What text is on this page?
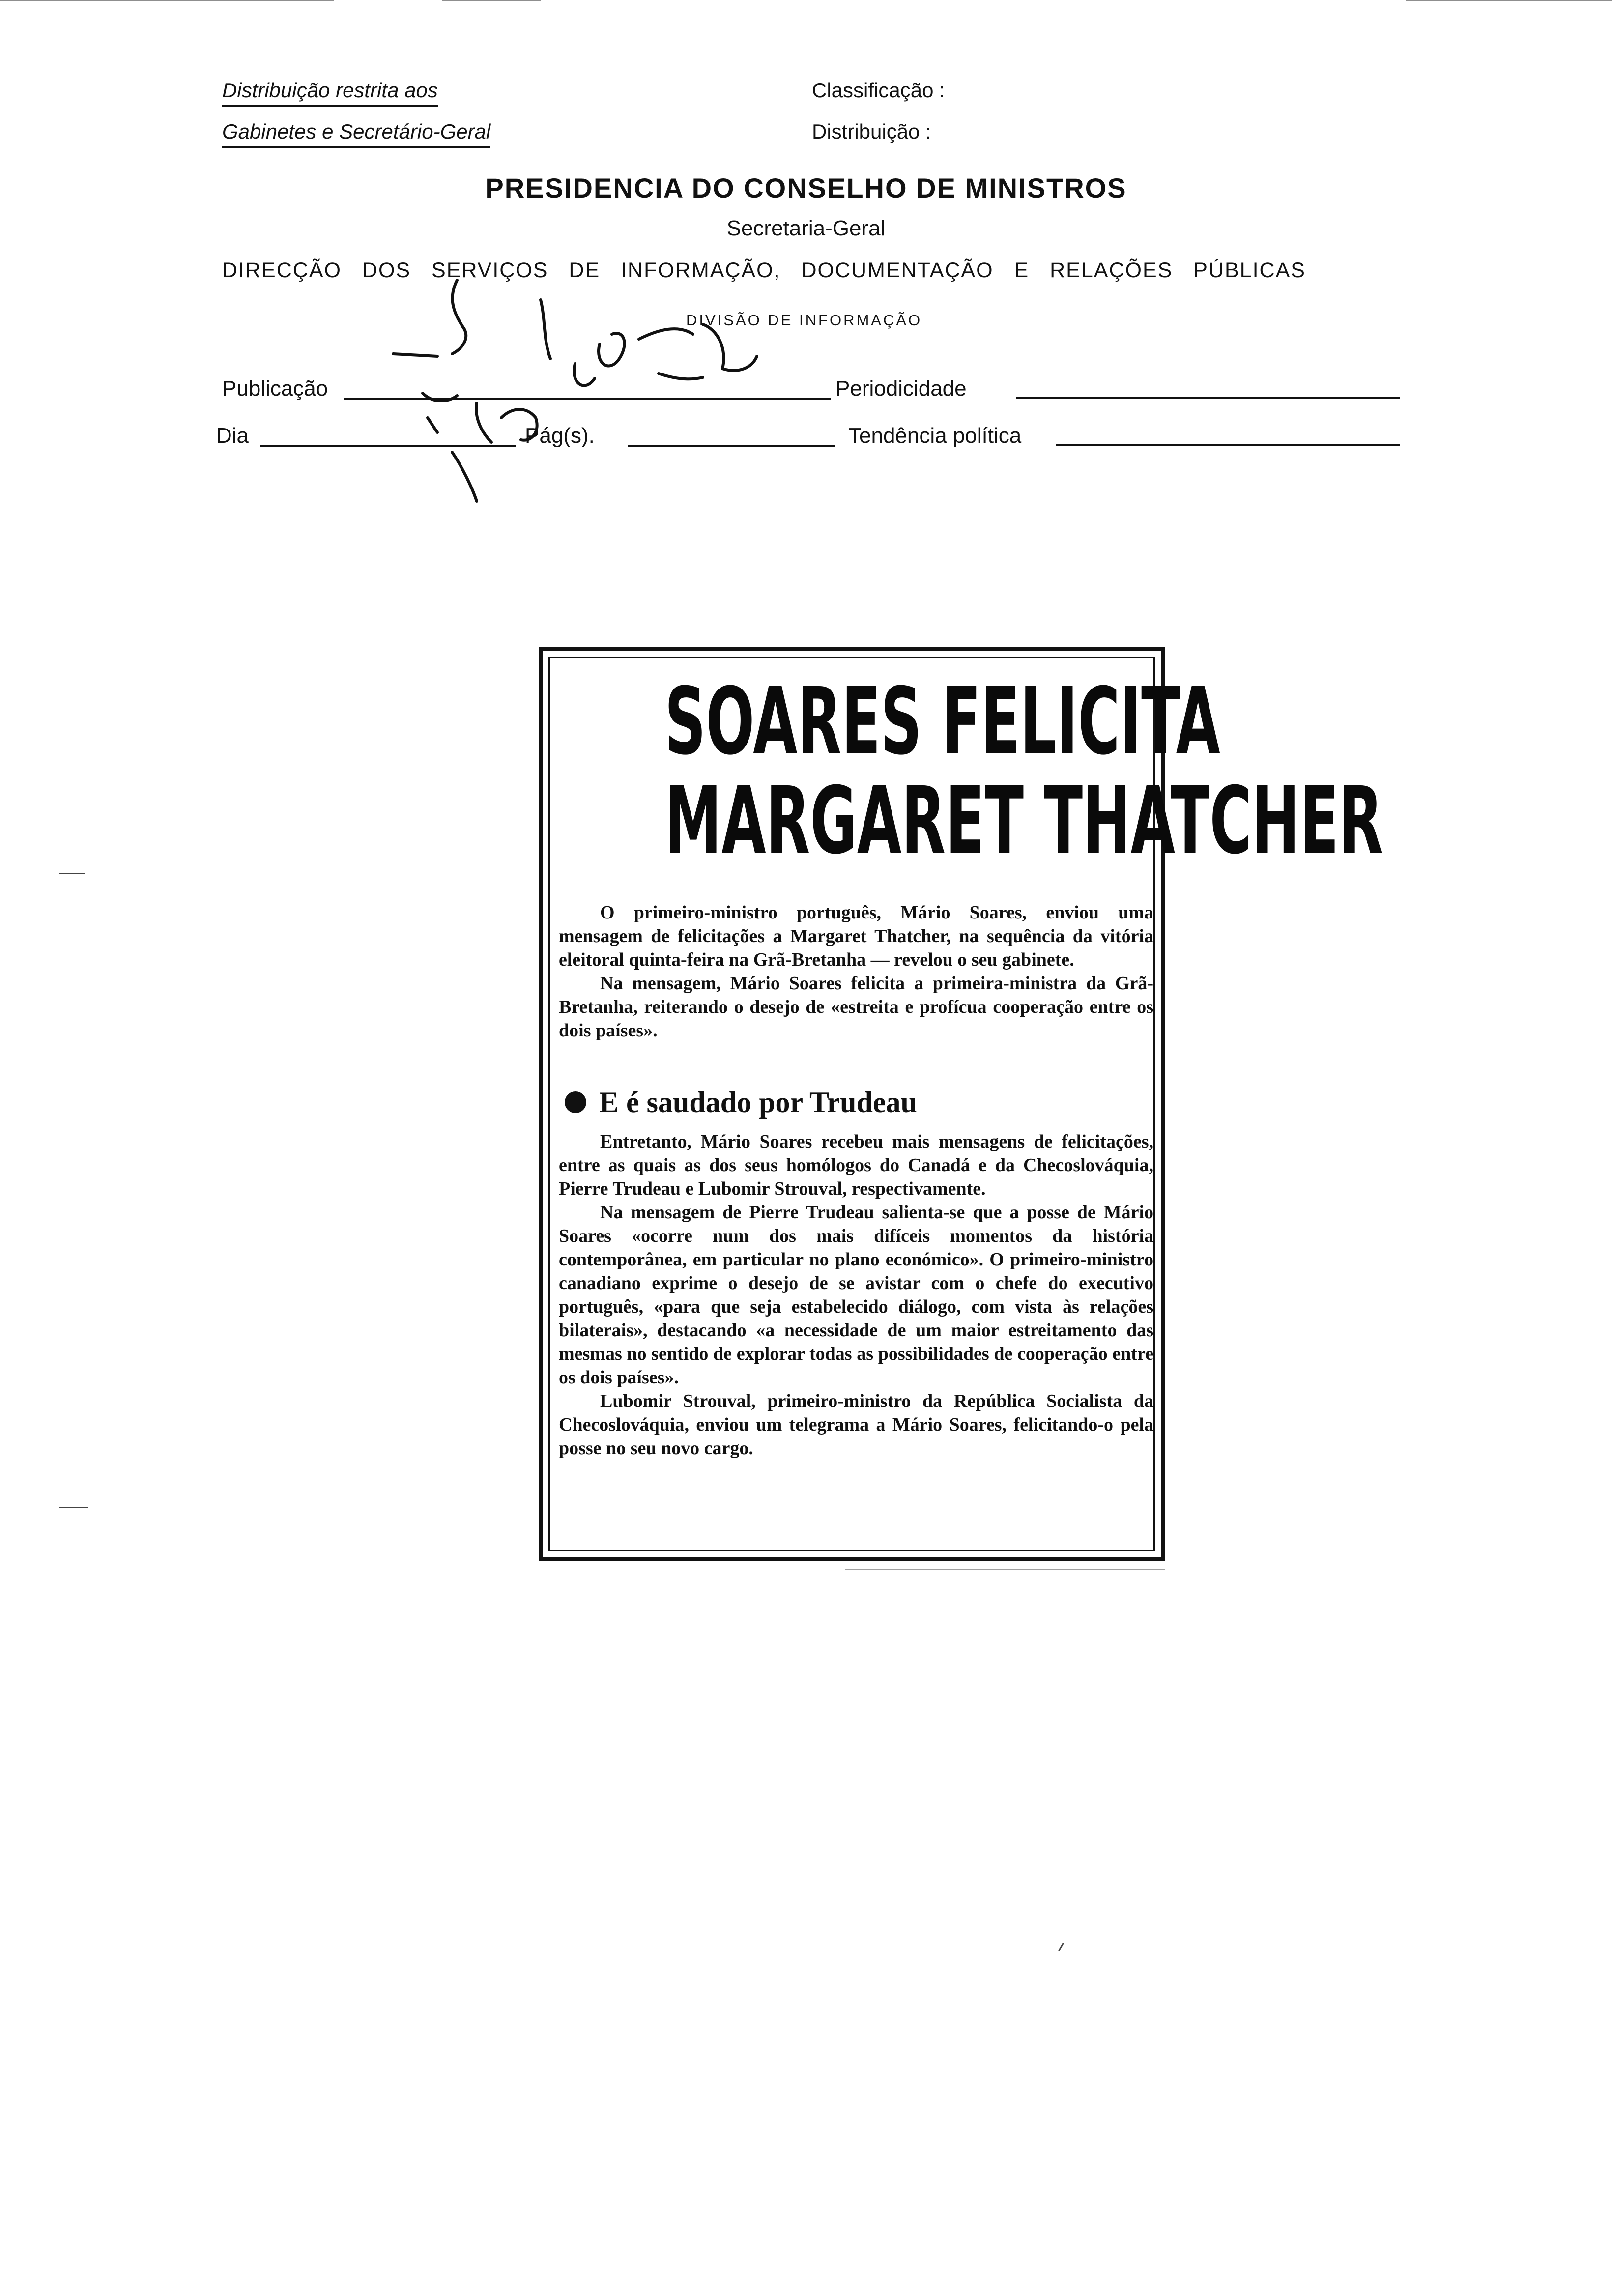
Distribuição restrita aos
Gabinetes e Secretário-Geral
Classificação :
Distribuição :
PRESIDENCIA DO CONSELHO DE MINISTROS
Secretaria-Geral
DIRECÇÃO DOS SERVIÇOS DE INFORMAÇÃO, DOCUMENTAÇÃO E RELAÇÕES PÚBLICAS
DIVISÃO DE INFORMAÇÃO
Publicação	Periodicidade
Dia	Pág(s).	Tendência política
SOARES FELICITA
MARGARET THATCHER

O primeiro-ministro português, Mário Soares, enviou uma mensagem de felicitações a Margaret Thatcher, na sequência da vitória eleitoral quinta-feira na Grã-Bretanha — revelou o seu gabinete.

Na mensagem, Mário Soares felicita a primeira-ministra da Grã-Bretanha, reiterando o desejo de «estreita e profícua cooperação entre os dois países».

E é saudado por Trudeau

Entretanto, Mário Soares recebeu mais mensagens de felicitações, entre as quais as dos seus homólogos do Canadá e da Checoslováquia, Pierre Trudeau e Lubomir Strouval, respectivamente.

Na mensagem de Pierre Trudeau salienta-se que a posse de Mário Soares «ocorre num dos mais difíceis momentos da história contemporânea, em particular no plano económico». O primeiro-ministro canadiano exprime o desejo de se avistar com o chefe do executivo português, «para que seja estabelecido diálogo, com vista às relações bilaterais», destacando «a necessidade de um maior estreitamento das mesmas no sentido de explorar todas as possibilidades de cooperação entre os dois países».

Lubomir Strouval, primeiro-ministro da República Socialista da Checoslováquia, enviou um telegrama a Mário Soares, felicitando-o pela posse no seu novo cargo.
